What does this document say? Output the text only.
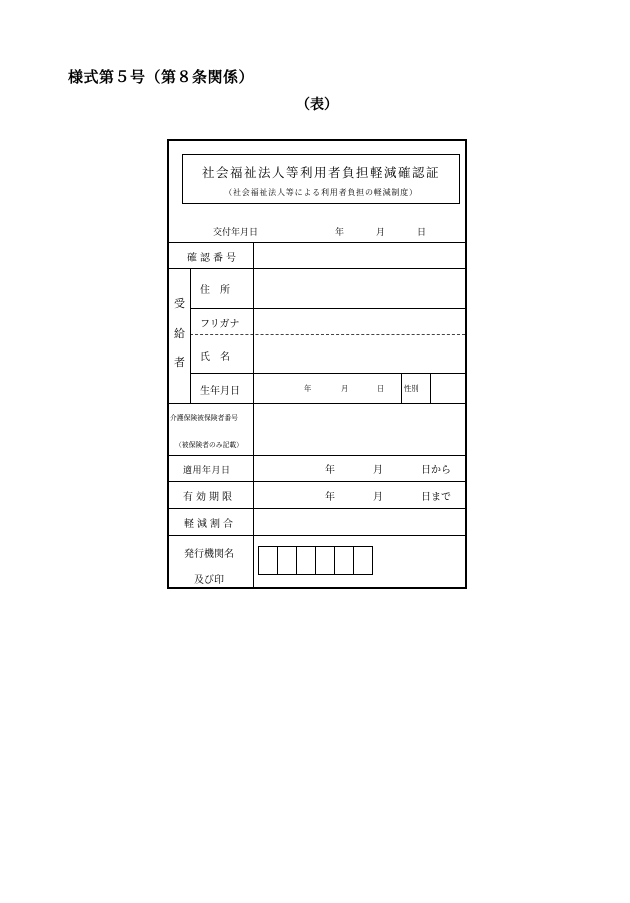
様式第５号（第８条関係）
（表）
社会福祉法人等利用者負担軽減確認証
（社会福祉法人等による利用者負担の軽減制度）
交付年月日	年	月	日
確認番号
受
給
者
住　所
フリガナ
氏　名
生年月日	年	月	日	性別
介護保険被保険者番号
（被保険者のみ記載）
適用年月日	年	月	日から
有効期限	年	月	日まで
軽減割合
発行機関名
及び印
